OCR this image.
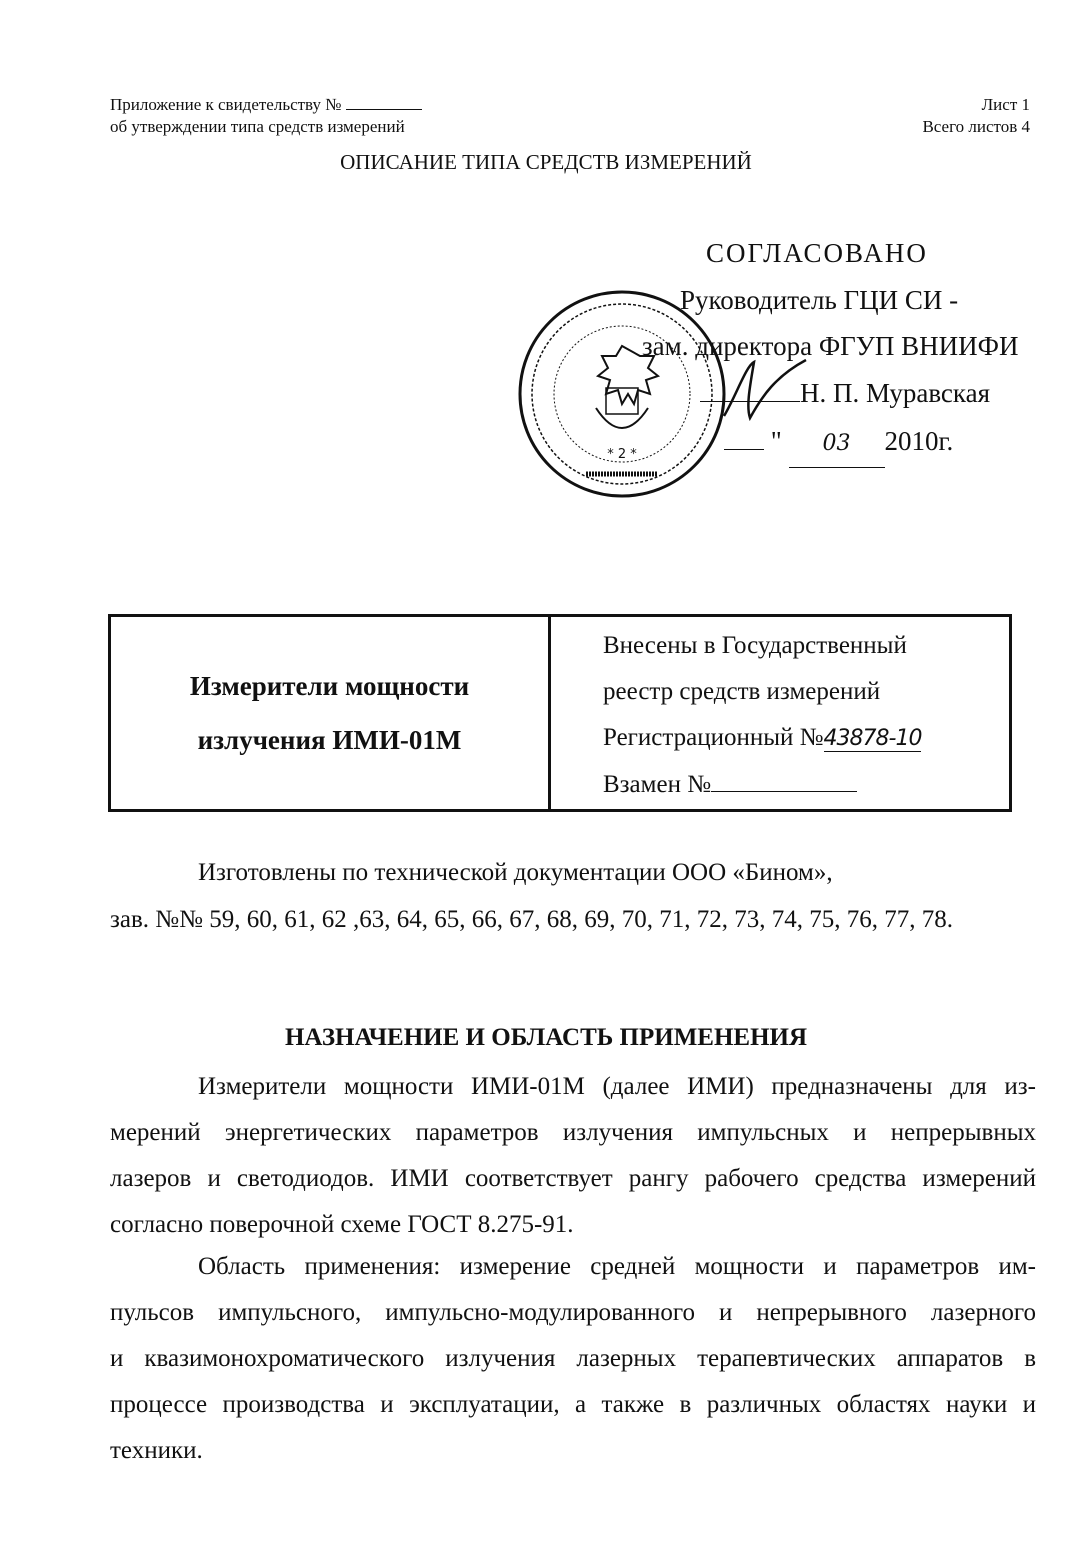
Приложение к свидетельству №
об утверждении типа средств измерений
Лист 1
Всего листов 4
ОПИСАНИЕ ТИПА СРЕДСТВ ИЗМЕРЕНИЙ
СОГЛАСОВАНО
Руководитель ГЦИ СИ -
зам. директора ФГУП ВНИИФИ
Н. П. Муравская
" 03 2010г.
* 2 *
Измерители мощности
излучения ИМИ-01М
Внесены в Государственный
реестр средств измерений
Регистрационный №43878-10
Взамен №
Изготовлены по технической документации ООО «Бином»,
зав. №№ 59, 60, 61, 62 ,63, 64, 65, 66, 67, 68, 69, 70, 71, 72, 73, 74, 75, 76, 77, 78.
НАЗНАЧЕНИЕ И ОБЛАСТЬ ПРИМЕНЕНИЯ
Измерители мощности ИМИ-01М (далее ИМИ) предназначены для из-
мерений энергетических параметров излучения импульсных и непрерывных
лазеров и светодиодов. ИМИ соответствует рангу рабочего средства измерений
согласно поверочной схеме ГОСТ 8.275-91.
Область применения: измерение средней мощности и параметров им-
пульсов импульсного, импульсно-модулированного и непрерывного лазерного
и квазимонохроматического излучения лазерных терапевтических аппаратов в
процессе производства и эксплуатации, а также в различных областях науки и
техники.
